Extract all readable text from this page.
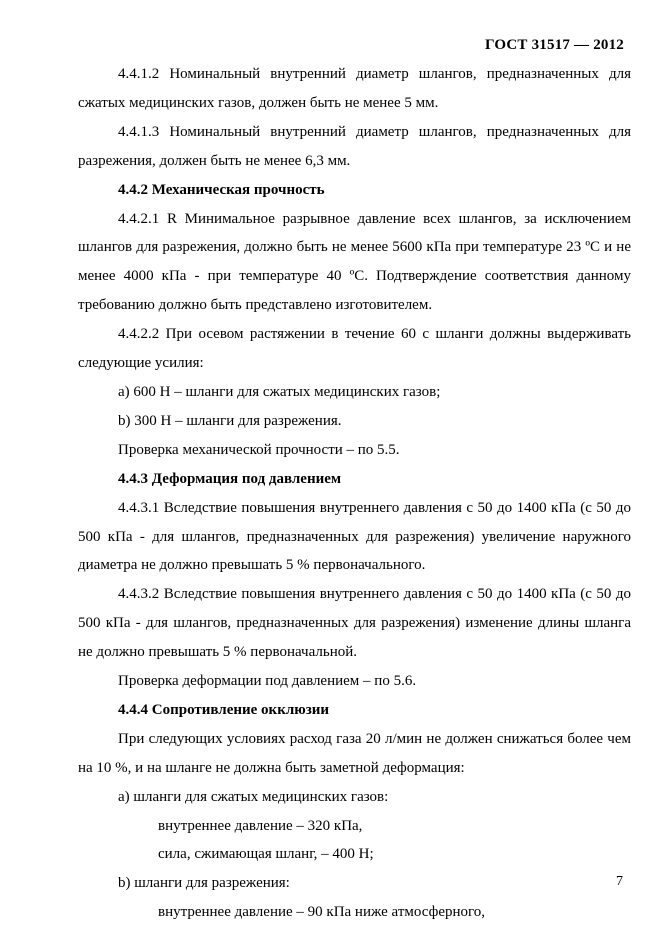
ГОСТ 31517 — 2012

4.4.1.2 Номинальный внутренний диаметр шлангов, предназначенных для сжатых медицинских газов, должен быть не менее 5 мм.

4.4.1.3 Номинальный внутренний диаметр шлангов, предназначенных для разрежения, должен быть не менее 6,3 мм.

4.4.2 Механическая прочность

4.4.2.1 R Минимальное разрывное давление всех шлангов, за исключением шлангов для разрежения, должно быть не менее 5600 кПа при температуре 23 ºС и не менее 4000 кПа - при температуре 40 ºС. Подтверждение соответствия данному требованию должно быть представлено изготовителем.

4.4.2.2 При осевом растяжении в течение 60 с шланги должны выдерживать следующие усилия:

a) 600 Н – шланги для сжатых медицинских газов;

b) 300 Н – шланги для разрежения.

Проверка механической прочности – по 5.5.

4.4.3 Деформация под давлением

4.4.3.1 Вследствие повышения внутреннего давления с 50 до 1400 кПа (с 50 до 500 кПа - для шлангов, предназначенных для разрежения) увеличение наружного диаметра не должно превышать 5 % первоначального.

4.4.3.2 Вследствие повышения внутреннего давления с 50 до 1400 кПа (с 50 до 500 кПа - для шлангов, предназначенных для разрежения) изменение длины шланга не должно превышать 5 % первоначальной.

Проверка деформации под давлением – по 5.6.

4.4.4 Сопротивление окклюзии

При следующих условиях расход газа 20 л/мин не должен снижаться более чем на 10 %, и на шланге не должна быть заметной деформация:

а) шланги для сжатых медицинских газов:

внутреннее давление – 320 кПа,

сила, сжимающая шланг, – 400 Н;

b) шланги для разрежения:

внутреннее давление – 90 кПа ниже атмосферного,

7
